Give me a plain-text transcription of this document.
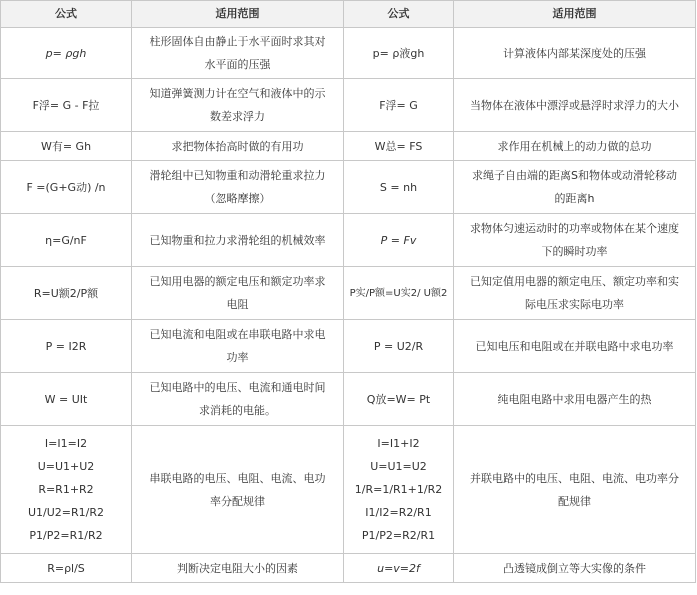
公式	适用范围	公式	适用范围

p= ρgh	柱形固体自由静止于水平面时求其对
水平面的压强	p= ρ液gh	计算液体内部某深度处的压强

F浮= G - F拉	知道弹簧测力计在空气和液体中的示
数差求浮力	F浮= G	当物体在液体中漂浮或悬浮时求浮力的大小

W有= Gh	求把物体抬高时做的有用功	W总= FS	求作用在机械上的动力做的总功

F =(G+G动) /n	滑轮组中已知物重和动滑轮重求拉力
（忽略摩擦）	S = nh	求绳子自由端的距离S和物体或动滑轮移动
的距离h

η=G/nF	已知物重和拉力求滑轮组的机械效率	P = Fv	求物体匀速运动时的功率或物体在某个速度
下的瞬时功率

R=U额2/P额	已知用电器的额定电压和额定功率求
电阻	P实/P额=U实2/ U额2	已知定值用电器的额定电压、额定功率和实
际电压求实际电功率

P = I2R	已知电流和电阻或在串联电路中求电
功率	P = U2/R	已知电压和电阻或在并联电路中求电功率

W = UIt	已知电路中的电压、电流和通电时间
求消耗的电能。	Q放=W= Pt	纯电阻电路中求用电器产生的热

I=I1=I2
U=U1+U2
R=R1+R2
U1/U2=R1/R2
P1/P2=R1/R2	串联电路的电压、电阻、电流、电功
率分配规律	I=I1+I2
U=U1=U2
1/R=1/R1+1/R2
I1/I2=R2/R1
P1/P2=R2/R1	并联电路中的电压、电阻、电流、电功率分
配规律

R=ρl/S	判断决定电阻大小的因素	u=v=2f	凸透镜成倒立等大实像的条件
